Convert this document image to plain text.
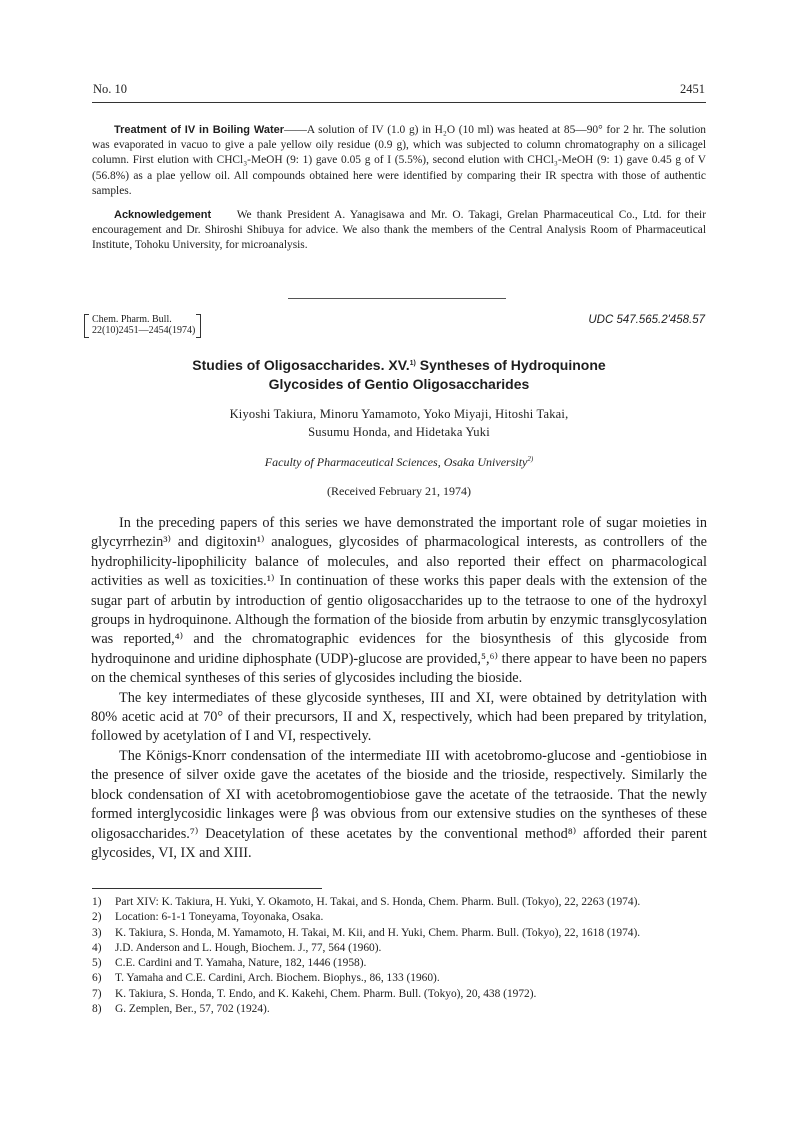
No. 10	2451
Treatment of IV in Boiling Water——A solution of IV (1.0 g) in H₂O (10 ml) was heated at 85—90° for 2 hr. The solution was evaporated in vacuo to give a pale yellow oily residue (0.9 g), which was subjected to column chromatography on a silicagel column. First elution with CHCl₃-MeOH (9: 1) gave 0.05 g of I (5.5%), second elution with CHCl₃-MeOH (9: 1) gave 0.45 g of V (56.8%) as a plae yellow oil. All compounds obtained here were identified by comparing their IR spectra with those of authentic samples.
Acknowledgement We thank President A. Yanagisawa and Mr. O. Takagi, Grelan Pharmaceutical Co., Ltd. for their encouragement and Dr. Shiroshi Shibuya for advice. We also thank the members of the Central Analysis Room of Pharmaceutical Institute, Tohoku University, for microanalysis.
Chem. Pharm. Bull.
22(10)2451—2454(1974)
UDC 547.565.2'458.57
Studies of Oligosaccharides. XV.$^{1)}$ Syntheses of Hydroquinone
Glycosides of Gentio Oligosaccharides
Kiyoshi Takiura, Minoru Yamamoto, Yoko Miyaji, Hitoshi Takai,
Susumu Honda, and Hidetaka Yuki
Faculty of Pharmaceutical Sciences, Osaka University$^{2)}$
(Received February 21, 1974)

In the preceding papers of this series we have demonstrated the important role of sugar moieties in glycyrrhezin³⁾ and digitoxin¹⁾ analogues, glycosides of pharmacological interests, as controllers of the hydrophilicity-lipophilicity balance of molecules, and also reported their effect on pharmacological activities as well as toxicities.¹⁾ In continuation of these works this paper deals with the extension of the sugar part of arbutin by introduction of gentio oligosaccharides up to the tetraose to one of the hydroxyl groups in hydroquinone. Although the formation of the bioside from arbutin by enzymic transglycosylation was reported,⁴⁾ and the chromatographic evidences for the biosynthesis of this glycoside from hydroquinone and uridine diphosphate (UDP)-glucose are provided,⁵,⁶⁾ there appear to have been no papers on the chemical syntheses of this series of glycosides including the bioside.

The key intermediates of these glycoside syntheses, III and XI, were obtained by detritylation with 80% acetic acid at 70° of their precursors, II and X, respectively, which had been prepared by tritylation, followed by acetylation of I and VI, respectively.

The Königs-Knorr condensation of the intermediate III with acetobromo-glucose and -gentiobiose in the presence of silver oxide gave the acetates of the bioside and the trioside, respectively. Similarly the block condensation of XI with acetobromogentiobiose gave the acetate of the tetraoside. That the newly formed interglycosidic linkages were β was obvious from our extensive studies on the syntheses of these oligosaccharides.⁷⁾ Deacetylation of these acetates by the conventional method⁸⁾ afforded their parent glycosides, VI, IX and XIII.

1)	Part XIV: K. Takiura, H. Yuki, Y. Okamoto, H. Takai, and S. Honda, Chem. Pharm. Bull. (Tokyo), 22, 2263 (1974).
2)	Location: 6-1-1 Toneyama, Toyonaka, Osaka.
3)	K. Takiura, S. Honda, M. Yamamoto, H. Takai, M. Kii, and H. Yuki, Chem. Pharm. Bull. (Tokyo), 22, 1618 (1974).
4)	J.D. Anderson and L. Hough, Biochem. J., 77, 564 (1960).
5)	C.E. Cardini and T. Yamaha, Nature, 182, 1446 (1958).
6)	T. Yamaha and C.E. Cardini, Arch. Biochem. Biophys., 86, 133 (1960).
7)	K. Takiura, S. Honda, T. Endo, and K. Kakehi, Chem. Pharm. Bull. (Tokyo), 20, 438 (1972).
8)	G. Zemplen, Ber., 57, 702 (1924).
